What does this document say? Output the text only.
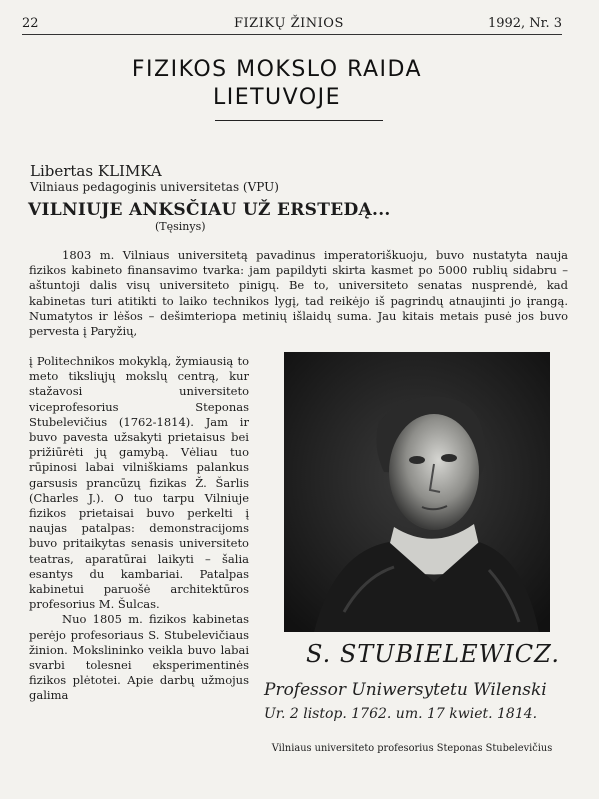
22	FIZIKŲ ŽINIOS	1992, Nr. 3
FIZIKOS MOKSLO RAIDA
LIETUVOJE
Libertas KLIMKA
Vilniaus pedagoginis universitetas (VPU)
VILNIUJE ANKSČIAU UŽ ERSTEDĄ...
(Tęsinys)

1803 m. Vilniaus universitetą pavadinus imperatoriškuoju, buvo nustatyta nauja fizikos kabineto finansavimo tvarka: jam papildyti skirta kasmet po 5000 rublių sidabru – aštuntoji dalis visų universiteto pinigų. Be to, universiteto senatas nusprendė, kad kabinetas turi atitikti to laiko technikos lygį, tad reikėjo iš pagrindų atnaujinti jo įrangą. Numatytos ir lėšos – dešimteriopa metinių išlaidų suma. Jau kitais metais pusė jos buvo pervesta į Paryžių,

į Politechnikos mokyklą, žymiausią to meto tiksliųjų mokslų centrą, kur stažavosi universiteto viceprofesorius Steponas Stubelevičius (1762-1814). Jam ir buvo pavesta užsakyti prietaisus bei prižiūrėti jų gamybą. Vėliau tuo rūpinosi labai vilniškiams palankus garsusis prancūzų fizikas Ž. Šarlis (Charles J.). O tuo tarpu Vilniuje fizikos prietaisai buvo perkelti į naujas patalpas: demonstracijoms buvo pritaikytas senasis universiteto teatras, aparatūrai laikyti – šalia esantys du kambariai. Patalpas kabinetui paruošė architektūros profesorius M. Šulcas.

Nuo 1805 m. fizikos kabinetas perėjo profesoriaus S. Stubelevičiaus žinion. Mokslininko veikla buvo labai svarbi tolesnei eksperimentinės fizikos plėtotei. Apie darbų užmojus galima

S. STUBIELEWICZ.
Professor Uniwersytetu Wilenski
Ur. 2 listop. 1762. um. 17 kwiet. 1814.
Vilniaus universiteto profesorius Steponas Stubelevičius
